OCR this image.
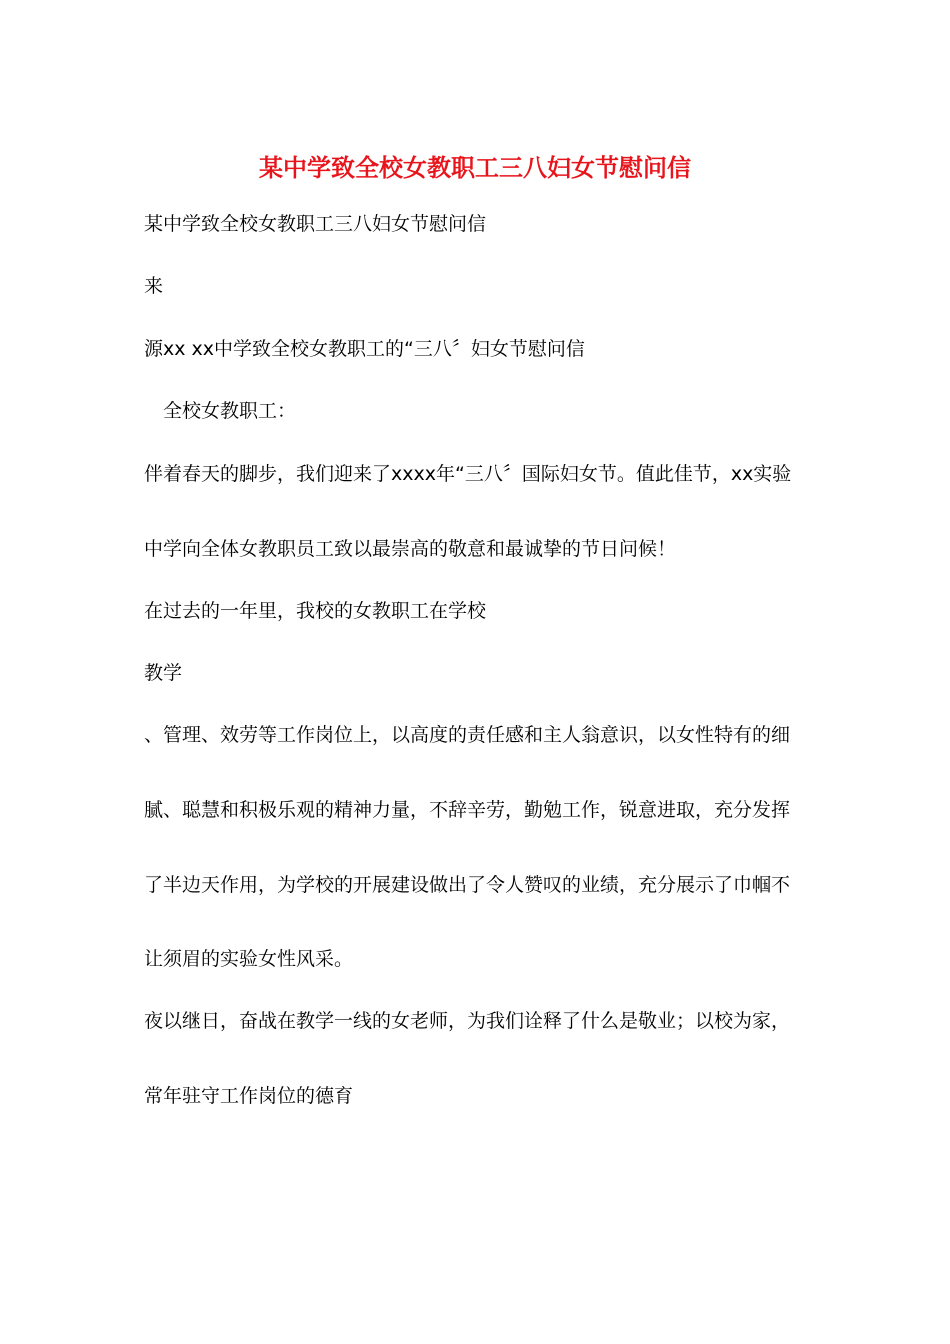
某中学致全校女教职工三八妇女节慰问信
某中学致全校女教职工三八妇女节慰问信
来
源xx xx中学致全校女教职工的“三八〞妇女节慰问信
全校女教职工：
伴着春天的脚步，我们迎来了xxxx年“三八〞国际妇女节。值此佳节，xx实验
中学向全体女教职员工致以最崇高的敬意和最诚挚的节日问候！
在过去的一年里，我校的女教职工在学校
教学
、管理、效劳等工作岗位上，以高度的责任感和主人翁意识，以女性特有的细
腻、聪慧和积极乐观的精神力量，不辞辛劳，勤勉工作，锐意进取，充分发挥
了半边天作用，为学校的开展建设做出了令人赞叹的业绩，充分展示了巾帼不
让须眉的实验女性风采。
夜以继日，奋战在教学一线的女老师，为我们诠释了什么是敬业；以校为家，
常年驻守工作岗位的德育
